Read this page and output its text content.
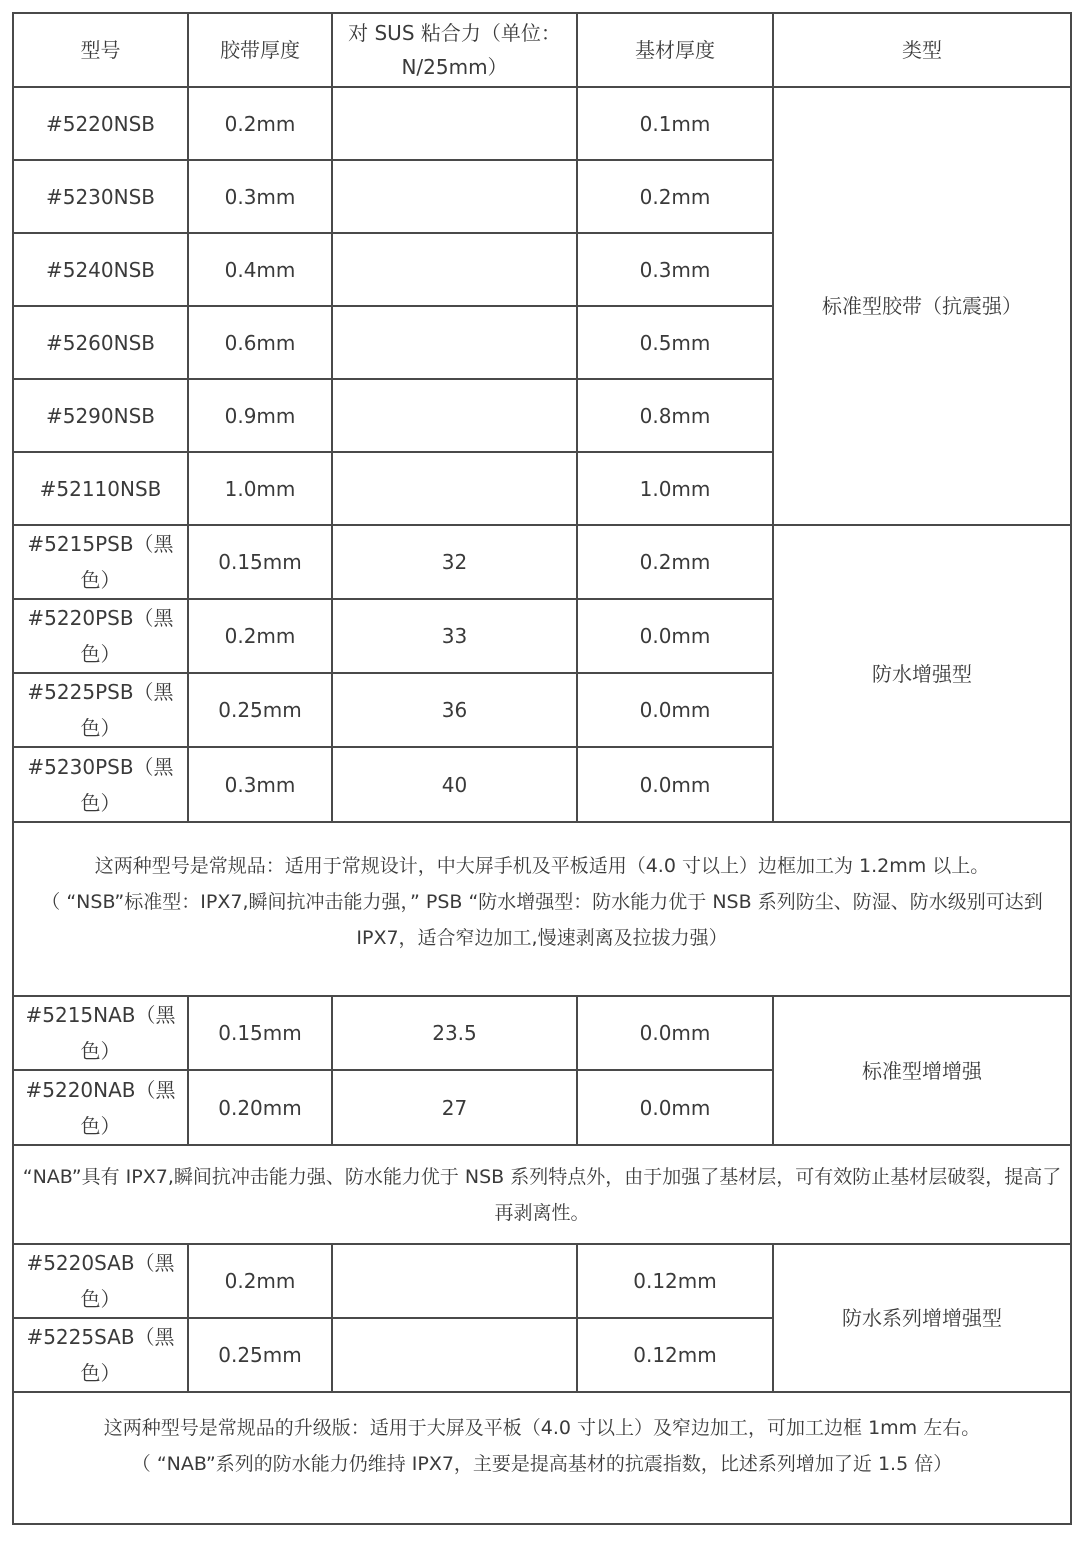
型号	胶带厚度	对 SUS 粘合力（单位：N/25mm）	基材厚度	类型
#5220NSB	0.2mm		0.1mm	标准型胶带（抗震强）
#5230NSB	0.3mm		0.2mm	
#5240NSB	0.4mm		0.3mm	
#5260NSB	0.6mm		0.5mm	
#5290NSB	0.9mm		0.8mm	
#52110NSB	1.0mm		1.0mm	
#5215PSB（黑色）	0.15mm	32	0.2mm	防水增强型
#5220PSB（黑色）	0.2mm	33	0.0mm	
#5225PSB（黑色）	0.25mm	36	0.0mm	
#5230PSB（黑色）	0.3mm	40	0.0mm	

这两种型号是常规品：适用于常规设计，中大屏手机及平板适用（4.0 寸以上）边框加工为 1.2mm 以上。
（ “NSB”标准型：IPX7,瞬间抗冲击能力强，” PSB “防水增强型：防水能力优于 NSB 系列防尘、防湿、防水级别可达到 IPX7，适合窄边加工,慢速剥离及拉拔力强）				

#5215NAB（黑色）	0.15mm	23.5	0.0mm	标准型增增强
#5220NAB（黑色）	0.20mm	27	0.0mm	
“NAB”具有 IPX7,瞬间抗冲击能力强、防水能力优于 NSB 系列特点外，由于加强了基材层，可有效防止基材层破裂，提高了再剥离性。				
#5220SAB（黑色）	0.2mm		0.12mm	防水系列增增强型
#5225SAB（黑色）	0.25mm		0.12mm	

这两种型号是常规品的升级版：适用于大屏及平板（4.0 寸以上）及窄边加工，可加工边框 1mm 左右。
（ “NAB”系列的防水能力仍维持 IPX7，主要是提高基材的抗震指数，比述系列增加了近 1.5 倍）				
